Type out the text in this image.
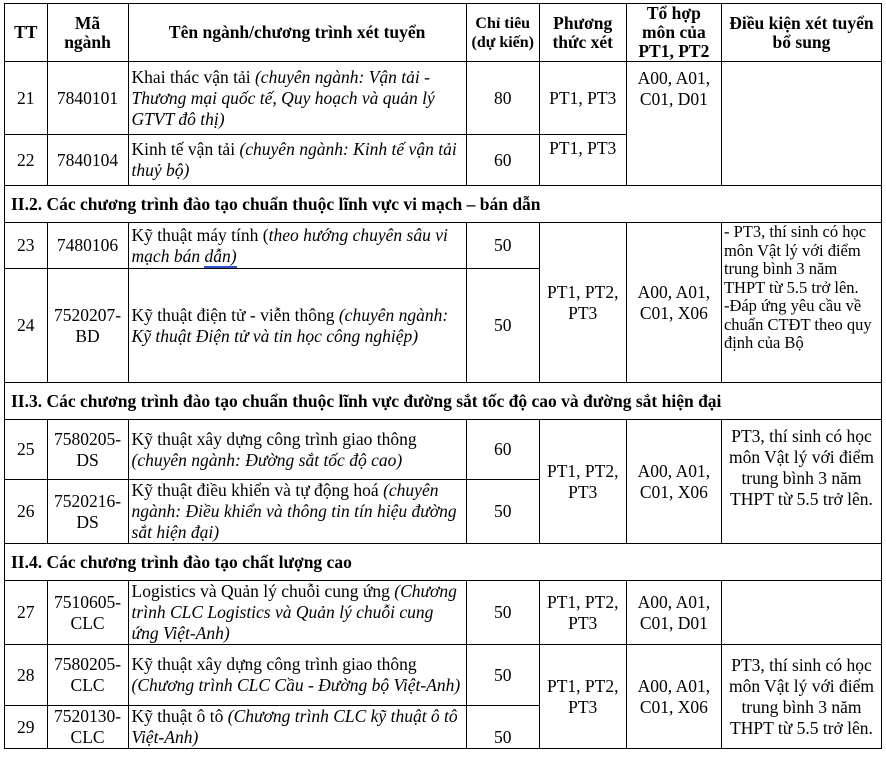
TT	Mã ngành	Tên ngành/chương trình xét tuyển	Chỉ tiêu (dự kiến)	Phương thức xét	Tổ hợp môn của PT1, PT2	Điều kiện xét tuyển bổ sung
21	7840101	Khai thác vận tải (chuyên ngành: Vận tải - Thương mại quốc tế, Quy hoạch và quản lý GTVT đô thị)	80	PT1, PT3	A00, A01, C01, D01	
22	7840104	Kinh tế vận tải (chuyên ngành: Kinh tế vận tải thuỷ bộ)	60	PT1, PT3		
II.2. Các chương trình đào tạo chuẩn thuộc lĩnh vực vi mạch – bán dẫn						
23	7480106	Kỹ thuật máy tính (theo hướng chuyên sâu vi mạch bán dẫn)	50	PT1, PT2, PT3	A00, A01, C01, X06	- PT3, thí sinh có học môn Vật lý với điểm trung bình 3 năm THPT từ 5.5 trở lên. -Đáp ứng yêu cầu về chuẩn CTĐT theo quy định của Bộ
24	7520207-BD	Kỹ thuật điện tử - viễn thông (chuyên ngành: Kỹ thuật Điện tử và tin học công nghiệp)	50			
II.3. Các chương trình đào tạo chuẩn thuộc lĩnh vực đường sắt tốc độ cao và đường sắt hiện đại						
25	7580205-DS	Kỹ thuật xây dựng công trình giao thông (chuyên ngành: Đường sắt tốc độ cao)	60	PT1, PT2, PT3	A00, A01, C01, X06	PT3, thí sinh có học môn Vật lý với điểm trung bình 3 năm THPT từ 5.5 trở lên.
26	7520216-DS	Kỹ thuật điều khiển và tự động hoá (chuyên ngành: Điều khiển và thông tin tín hiệu đường sắt hiện đại)	50			
II.4. Các chương trình đào tạo chất lượng cao						
27	7510605-CLC	Logistics và Quản lý chuỗi cung ứng (Chương trình CLC Logistics và Quản lý chuỗi cung ứng Việt-Anh)	50	PT1, PT2, PT3	A00, A01, C01, D01	
28	7580205-CLC	Kỹ thuật xây dựng công trình giao thông (Chương trình CLC Cầu - Đường bộ Việt-Anh)	50	PT1, PT2, PT3	A00, A01, C01, X06	PT3, thí sinh có học môn Vật lý với điểm trung bình 3 năm THPT từ 5.5 trở lên.
29	7520130-CLC	Kỹ thuật ô tô (Chương trình CLC kỹ thuật ô tô Việt-Anh)	50			
